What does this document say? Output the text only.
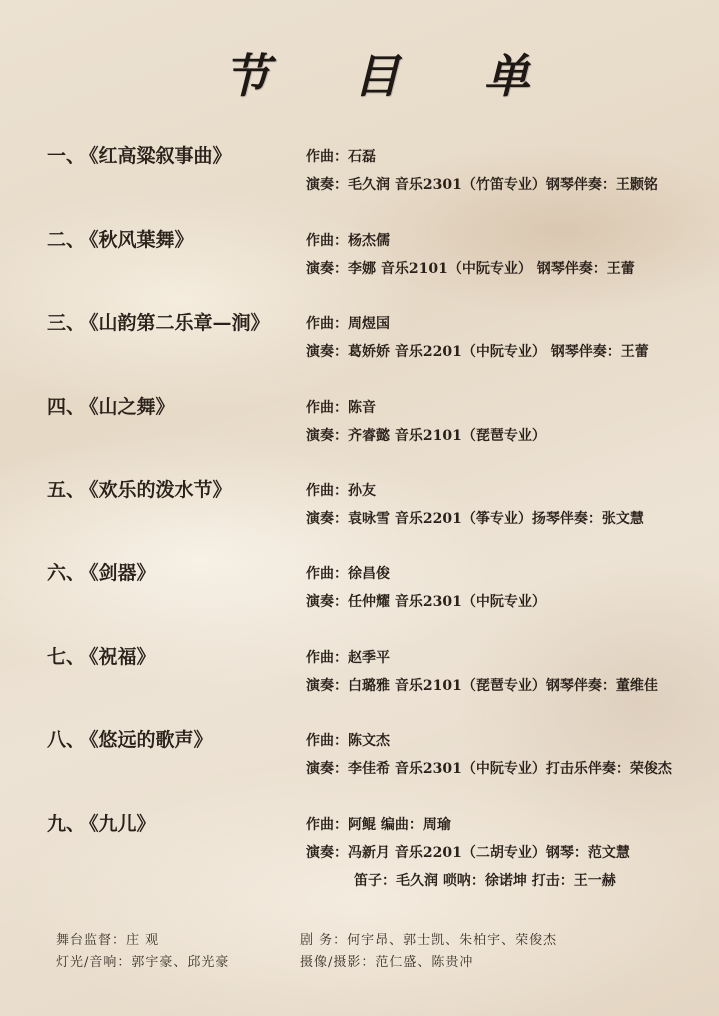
节 目 单
一、 《红高粱叙事曲》	作曲：石磊
演奏：毛久润 音乐2301（竹笛专业）钢琴伴奏：王颢铭
二、 《秋风葉舞》	作曲：杨杰儒
演奏：李娜 音乐2101（中阮专业） 钢琴伴奏：王蕾
三、 《山韵第二乐章—涧》	作曲：周煜国
演奏：葛娇娇 音乐2201（中阮专业） 钢琴伴奏：王蕾
四、 《山之舞》	作曲：陈音
演奏：齐睿懿 音乐2101（琵琶专业）
五、 《欢乐的泼水节》	作曲：孙友
演奏：袁咏雪 音乐2201（筝专业）扬琴伴奏：张文慧
六、 《剑器》	作曲：徐昌俊
演奏：任仲耀 音乐2301（中阮专业）
七、 《祝福》	作曲：赵季平
演奏：白璐雅 音乐2101（琵琶专业）钢琴伴奏：董维佳
八、 《悠远的歌声》	作曲：陈文杰
演奏：李佳希 音乐2301（中阮专业）打击乐伴奏：荣俊杰
九、 《九儿》	作曲：阿鲲 编曲：周瑜
演奏：冯新月 音乐2201（二胡专业）钢琴：范文慧
笛子：毛久润 唢呐：徐诺坤 打击：王一赫
舞台监督：庄 观	剧 务：何宇昂、郭士凯、朱柏宇、荣俊杰
灯光/音响：郭宇豪、邱光豪	摄像/摄影：范仁盛、陈贵冲
